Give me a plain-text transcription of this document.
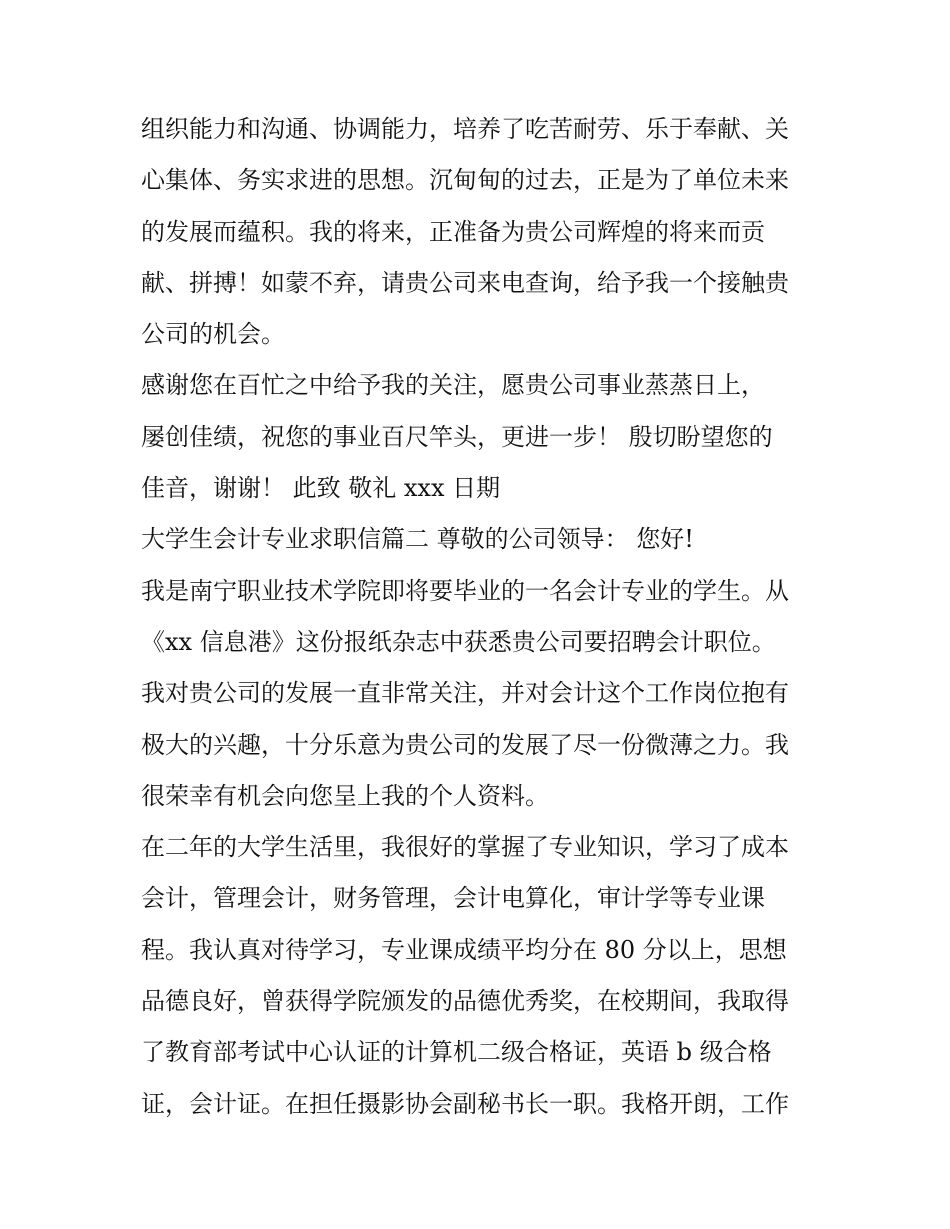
组织能力和沟通、协调能力，培养了吃苦耐劳、乐于奉献、关
心集体、务实求进的思想。沉甸甸的过去，正是为了单位未来
的发展而蕴积。我的将来，正准备为贵公司辉煌的将来而贡
献、拼搏！如蒙不弃，请贵公司来电查询，给予我一个接触贵
公司的机会。
感谢您在百忙之中给予我的关注，愿贵公司事业蒸蒸日上，
屡创佳绩，祝您的事业百尺竿头，更进一步！ 殷切盼望您的
佳音，谢谢！ 此致 敬礼 xxx 日期
大学生会计专业求职信篇二 尊敬的公司领导： 您好!
我是南宁职业技术学院即将要毕业的一名会计专业的学生。从
《xx 信息港》这份报纸杂志中获悉贵公司要招聘会计职位。
我对贵公司的发展一直非常关注，并对会计这个工作岗位抱有
极大的兴趣，十分乐意为贵公司的发展了尽一份微薄之力。我
很荣幸有机会向您呈上我的个人资料。
在二年的大学生活里，我很好的掌握了专业知识，学习了成本
会计，管理会计，财务管理，会计电算化，审计学等专业课
程。我认真对待学习，专业课成绩平均分在 80 分以上，思想
品德良好，曾获得学院颁发的品德优秀奖，在校期间，我取得
了教育部考试中心认证的计算机二级合格证，英语 b 级合格
证，会计证。在担任摄影协会副秘书长一职。我格开朗，工作
